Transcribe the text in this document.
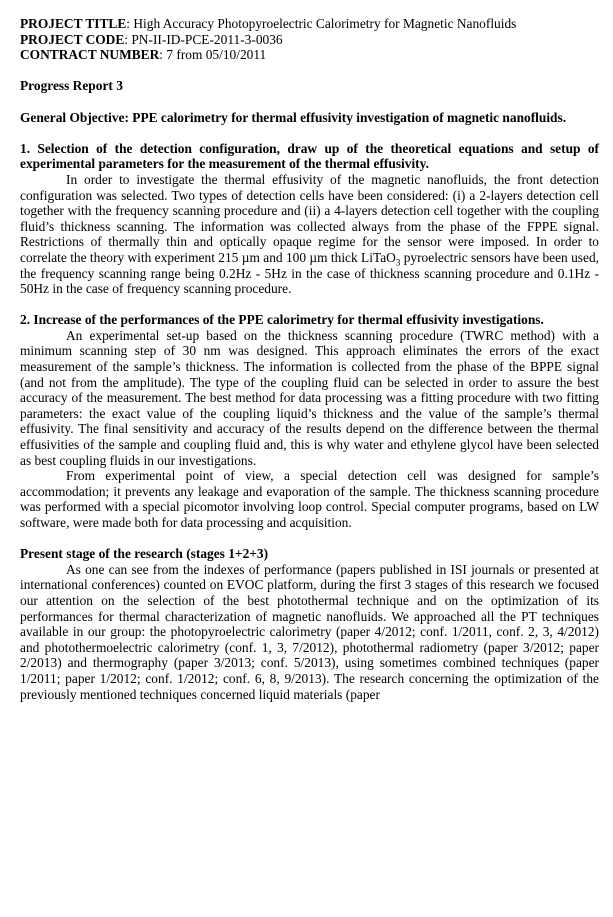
PROJECT TITLE: High Accuracy Photopyroelectric Calorimetry for Magnetic Nanofluids
PROJECT CODE: PN-II-ID-PCE-2011-3-0036
CONTRACT NUMBER: 7 from 05/10/2011

Progress Report 3

General Objective: PPE calorimetry for thermal effusivity investigation of magnetic nanofluids.

1. Selection of the detection configuration, draw up of the theoretical equations and setup of experimental parameters for the measurement of the thermal effusivity.

In order to investigate the thermal effusivity of the magnetic nanofluids, the front detection configuration was selected. Two types of detection cells have been considered: (i) a 2-layers detection cell together with the frequency scanning procedure and (ii) a 4-layers detection cell together with the coupling fluid’s thickness scanning. The information was collected always from the phase of the FPPE signal. Restrictions of thermally thin and optically opaque regime for the sensor were imposed. In order to correlate the theory with experiment 215 µm and 100 µm thick LiTaO$_3$ pyroelectric sensors have been used, the frequency scanning range being 0.2Hz - 5Hz in the case of thickness scanning procedure and 0.1Hz - 50Hz in the case of frequency scanning procedure.

2. Increase of the performances of the PPE calorimetry for thermal effusivity investigations.

An experimental set-up based on the thickness scanning procedure (TWRC method) with a minimum scanning step of 30 nm was designed. This approach eliminates the errors of the exact measurement of the sample’s thickness. The information is collected from the phase of the BPPE signal (and not from the amplitude). The type of the coupling fluid can be selected in order to assure the best accuracy of the measurement. The best method for data processing was a fitting procedure with two fitting parameters: the exact value of the coupling liquid’s thickness and the value of the sample’s thermal effusivity. The final sensitivity and accuracy of the results depend on the difference between the thermal effusivities of the sample and coupling fluid and, this is why water and ethylene glycol have been selected as best coupling fluids in our investigations.

From experimental point of view, a special detection cell was designed for sample’s accommodation; it prevents any leakage and evaporation of the sample. The thickness scanning procedure was performed with a special picomotor involving loop control. Special computer programs, based on LW software, were made both for data processing and acquisition.

Present stage of the research (stages 1+2+3)

As one can see from the indexes of performance (papers published in ISI journals or presented at international conferences) counted on EVOC platform, during the first 3 stages of this research we focused our attention on the selection of the best photothermal technique and on the optimization of its performances for thermal characterization of magnetic nanofluids. We approached all the PT techniques available in our group: the photopyroelectric calorimetry (paper 4/2012; conf. 1/2011, conf. 2, 3, 4/2012) and photothermoelectric calorimetry (conf. 1, 3, 7/2012), photothermal radiometry (paper 3/2012; paper 2/2013) and thermography (paper 3/2013; conf. 5/2013), using sometimes combined techniques (paper 1/2011; paper 1/2012; conf. 1/2012; conf. 6, 8, 9/2013). The research concerning the optimization of the previously mentioned techniques concerned liquid materials (paper
